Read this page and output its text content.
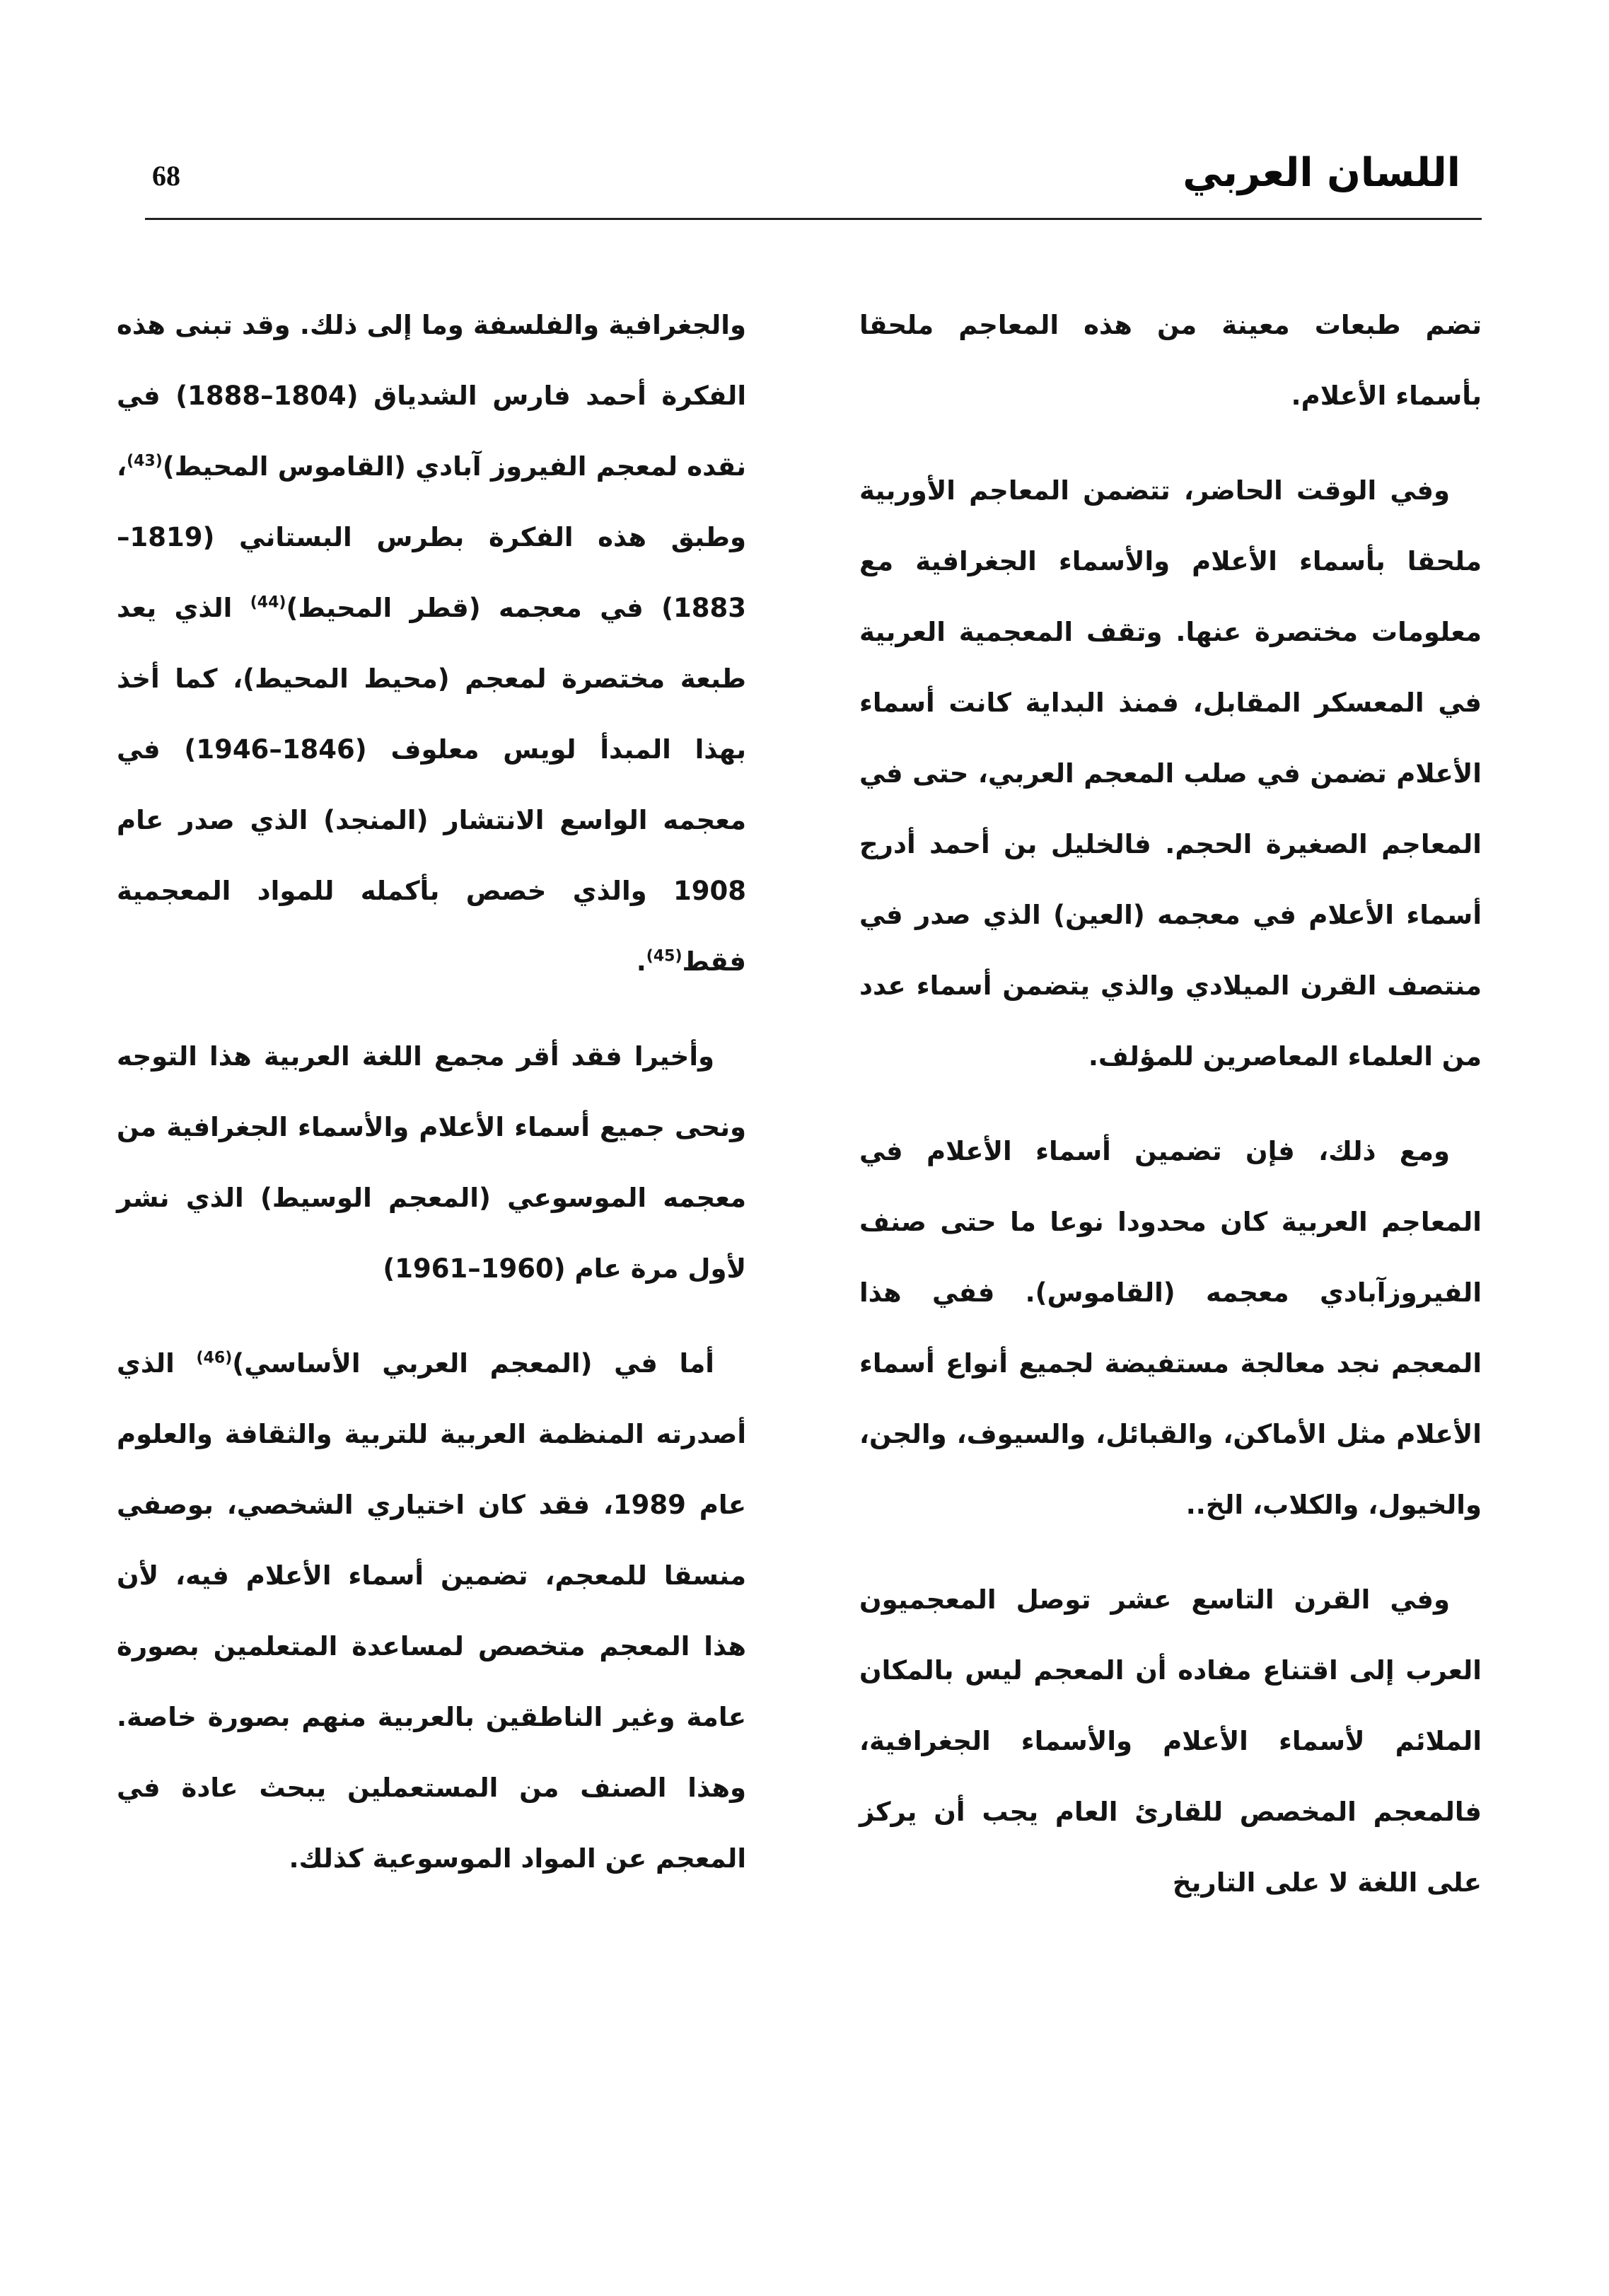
68	اللسان العربي

تضم طبعات معينة من هذه المعاجم ملحقا بأسماء الأعلام.

وفي الوقت الحاضر، تتضمن المعاجم الأوربية ملحقا بأسماء الأعلام والأسماء الجغرافية مع معلومات مختصرة عنها. وتقف المعجمية العربية في المعسكر المقابل، فمنذ البداية كانت أسماء الأعلام تضمن في صلب المعجم العربي، حتى في المعاجم الصغيرة الحجم. فالخليل بن أحمد أدرج أسماء الأعلام في معجمه (العين) الذي صدر في منتصف القرن الميلادي والذي يتضمن أسماء عدد من العلماء المعاصرين للمؤلف.

ومع ذلك، فإن تضمين أسماء الأعلام في المعاجم العربية كان محدودا نوعا ما حتى صنف الفيروزآبادي معجمه (القاموس). ففي هذا المعجم نجد معالجة مستفيضة لجميع أنواع أسماء الأعلام مثل الأماكن، والقبائل، والسيوف، والجن، والخيول، والكلاب، الخ..

وفي القرن التاسع عشر توصل المعجميون العرب إلى اقتناع مفاده أن المعجم ليس بالمكان الملائم لأسماء الأعلام والأسماء الجغرافية، فالمعجم المخصص للقارئ العام يجب أن يركز على اللغة لا على التاريخ

والجغرافية والفلسفة وما إلى ذلك. وقد تبنى هذه الفكرة أحمد فارس الشدياق (1804–1888) في نقده لمعجم الفيروز آبادي (القاموس المحيط)$^{(43)}$، وطبق هذه الفكرة بطرس البستاني (1819–1883) في معجمه (قطر المحيط)$^{(44)}$ الذي يعد طبعة مختصرة لمعجم (محيط المحيط)، كما أخذ بهذا المبدأ لويس معلوف (1846–1946) في معجمه الواسع الانتشار (المنجد) الذي صدر عام 1908 والذي خصص بأكمله للمواد المعجمية فقط$^{(45)}$.

وأخيرا فقد أقر مجمع اللغة العربية هذا التوجه ونحى جميع أسماء الأعلام والأسماء الجغرافية من معجمه الموسوعي (المعجم الوسيط) الذي نشر لأول مرة عام (1960–1961)

أما في (المعجم العربي الأساسي)$^{(46)}$ الذي أصدرته المنظمة العربية للتربية والثقافة والعلوم عام 1989، فقد كان اختياري الشخصي، بوصفي منسقا للمعجم، تضمين أسماء الأعلام فيه، لأن هذا المعجم متخصص لمساعدة المتعلمين بصورة عامة وغير الناطقين بالعربية منهم بصورة خاصة. وهذا الصنف من المستعملين يبحث عادة في المعجم عن المواد الموسوعية كذلك.
